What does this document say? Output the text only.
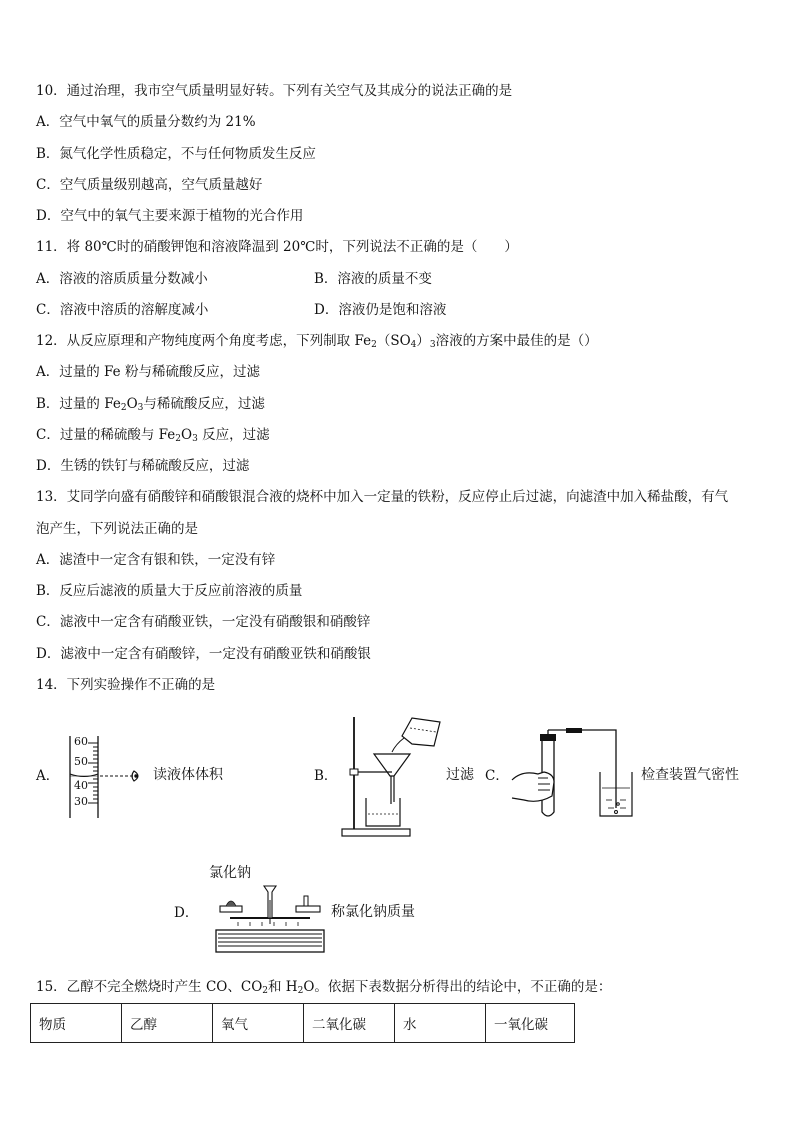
10．通过治理，我市空气质量明显好转。下列有关空气及其成分的说法正确的是
A．空气中氧气的质量分数约为 21%
B．氮气化学性质稳定，不与任何物质发生反应
C．空气质量级别越高，空气质量越好
D．空气中的氧气主要来源于植物的光合作用
11．将 80℃时的硝酸钾饱和溶液降温到 20℃时，下列说法不正确的是（　　）
A．溶液的溶质质量分数减小	B．溶液的质量不变
C．溶液中溶质的溶解度减小	D．溶液仍是饱和溶液
12．从反应原理和产物纯度两个角度考虑，下列制取 $Fe_2(SO_4)_3$溶液的方案中最佳的是（）
A．过量的 Fe 粉与稀硫酸反应，过滤
B．过量的 $Fe_2O_3$与稀硫酸反应，过滤
C．过量的稀硫酸与 $Fe_2O_3$ 反应，过滤
D．生锈的铁钉与稀硫酸反应，过滤
13．艾同学向盛有硝酸锌和硝酸银混合液的烧杯中加入一定量的铁粉，反应停止后过滤，向滤渣中加入稀盐酸，有气
泡产生，下列说法正确的是
A．滤渣中一定含有银和铁，一定没有锌
B．反应后滤液的质量大于反应前溶液的质量
C．滤液中一定含有硝酸亚铁，一定没有硝酸银和硝酸锌
D．滤液中一定含有硝酸锌，一定没有硝酸亚铁和硝酸银
14．下列实验操作不正确的是
A．
60
50
40
30
读液体体积	B．	过滤 C．	检查装置气密性
氯化钠
D．	称氯化钠质量
15．乙醇不完全燃烧时产生 CO、$CO_2$和 $H_2O$。依据下表数据分析得出的结论中，不正确的是：
物质	乙醇	氧气	二氧化碳	水	一氧化碳
